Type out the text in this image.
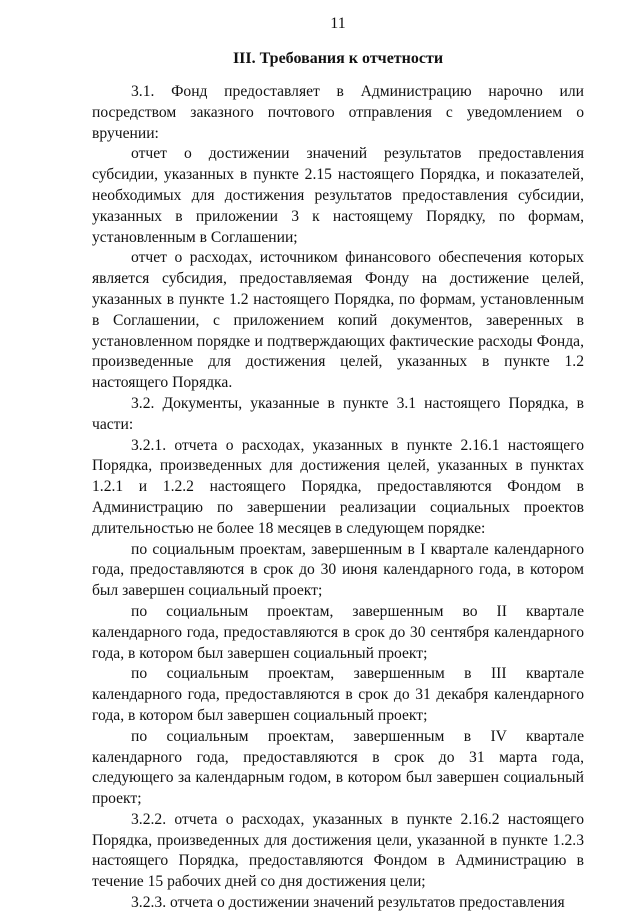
11
III. Требования к отчетности

3.1. Фонд предоставляет в Администрацию нарочно или посредством заказного почтового отправления с уведомлением о вручении:

отчет о достижении значений результатов предоставления субсидии, указанных в пункте 2.15 настоящего Порядка, и показателей, необходимых для достижения результатов предоставления субсидии, указанных в приложении 3 к настоящему Порядку, по формам, установленным в Соглашении;

отчет о расходах, источником финансового обеспечения которых является субсидия, предоставляемая Фонду на достижение целей, указанных в пункте 1.2 настоящего Порядка, по формам, установленным в Соглашении, с приложением копий документов, заверенных в установленном порядке и подтверждающих фактические расходы Фонда, произведенные для достижения целей, указанных в пункте 1.2 настоящего Порядка.

3.2. Документы, указанные в пункте 3.1 настоящего Порядка, в части:

3.2.1. отчета о расходах, указанных в пункте 2.16.1 настоящего Порядка, произведенных для достижения целей, указанных в пунктах 1.2.1 и 1.2.2 настоящего Порядка, предоставляются Фондом в Администрацию по завершении реализации социальных проектов длительностью не более 18 месяцев в следующем порядке:

по социальным проектам, завершенным в I квартале календарного года, предоставляются в срок до 30 июня календарного года, в котором был завершен социальный проект;

по социальным проектам, завершенным во II квартале календарного года, предоставляются в срок до 30 сентября календарного года, в котором был завершен социальный проект;

по социальным проектам, завершенным в III квартале календарного года, предоставляются в срок до 31 декабря календарного года, в котором был завершен социальный проект;

по социальным проектам, завершенным в IV квартале календарного года, предоставляются в срок до 31 марта года, следующего за календарным годом, в котором был завершен социальный проект;

3.2.2. отчета о расходах, указанных в пункте 2.16.2 настоящего Порядка, произведенных для достижения цели, указанной в пункте 1.2.3 настоящего Порядка, предоставляются Фондом в Администрацию в течение 15 рабочих дней со дня достижения цели;

3.2.3. отчета о достижении значений результатов предоставления
